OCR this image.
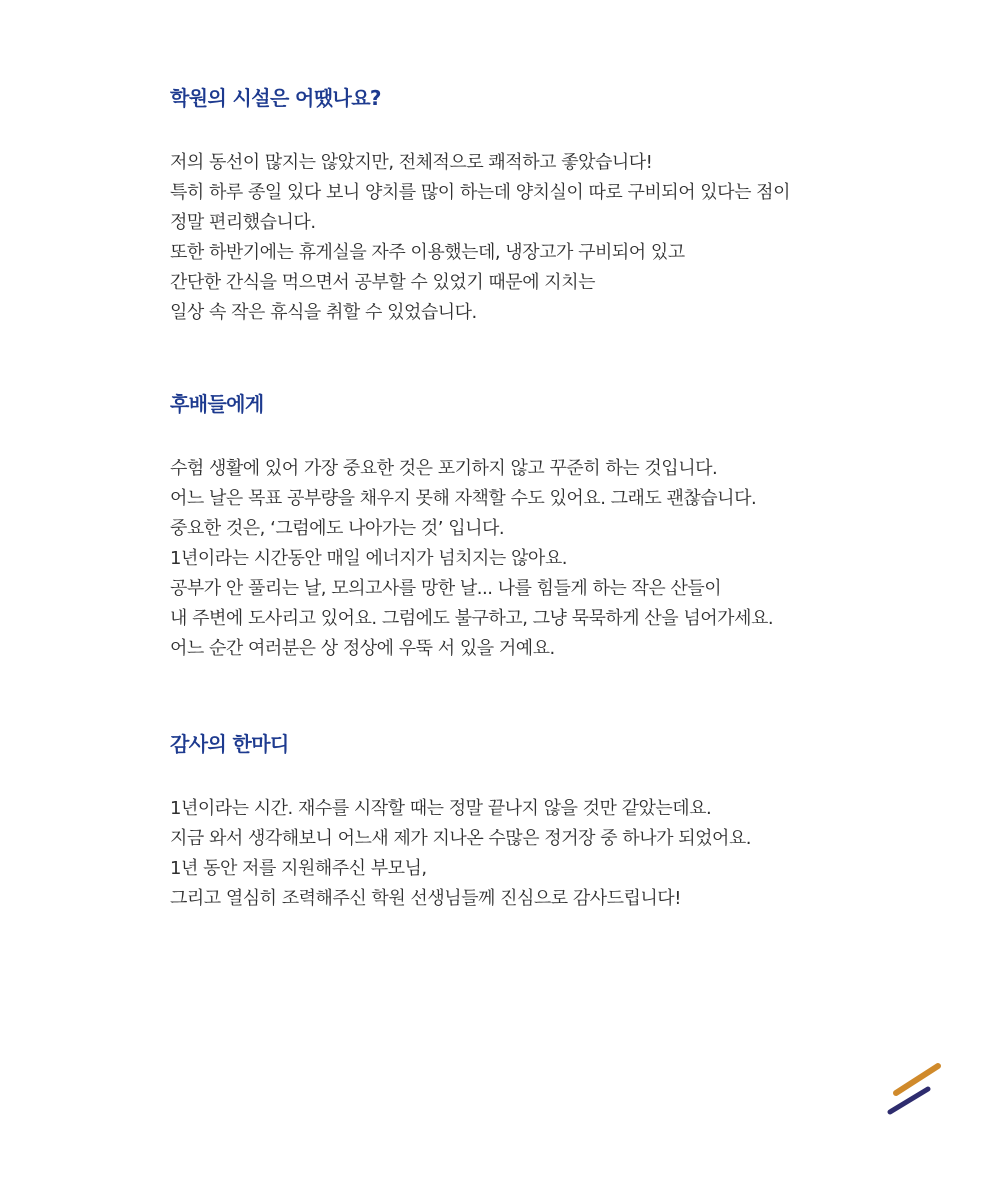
학원의 시설은 어땠나요?
저의 동선이 많지는 않았지만, 전체적으로 쾌적하고 좋았습니다!
특히 하루 종일 있다 보니 양치를 많이 하는데 양치실이 따로 구비되어 있다는 점이
정말 편리했습니다.
또한 하반기에는 휴게실을 자주 이용했는데, 냉장고가 구비되어 있고
간단한 간식을 먹으면서 공부할 수 있었기 때문에 지치는
일상 속 작은 휴식을 취할 수 있었습니다.
후배들에게
수험 생활에 있어 가장 중요한 것은 포기하지 않고 꾸준히 하는 것입니다.
어느 날은 목표 공부량을 채우지 못해 자책할 수도 있어요. 그래도 괜찮습니다.
중요한 것은, ‘그럼에도 나아가는 것’ 입니다.
1년이라는 시간동안 매일 에너지가 넘치지는 않아요.
공부가 안 풀리는 날, 모의고사를 망한 날... 나를 힘들게 하는 작은 산들이
내 주변에 도사리고 있어요. 그럼에도 불구하고, 그냥 묵묵하게 산을 넘어가세요.
어느 순간 여러분은 상 정상에 우뚝 서 있을 거예요.
감사의 한마디
1년이라는 시간. 재수를 시작할 때는 정말 끝나지 않을 것만 같았는데요.
지금 와서 생각해보니 어느새 제가 지나온 수많은 정거장 중 하나가 되었어요.
1년 동안 저를 지원해주신 부모님,
그리고 열심히 조력해주신 학원 선생님들께 진심으로 감사드립니다!
